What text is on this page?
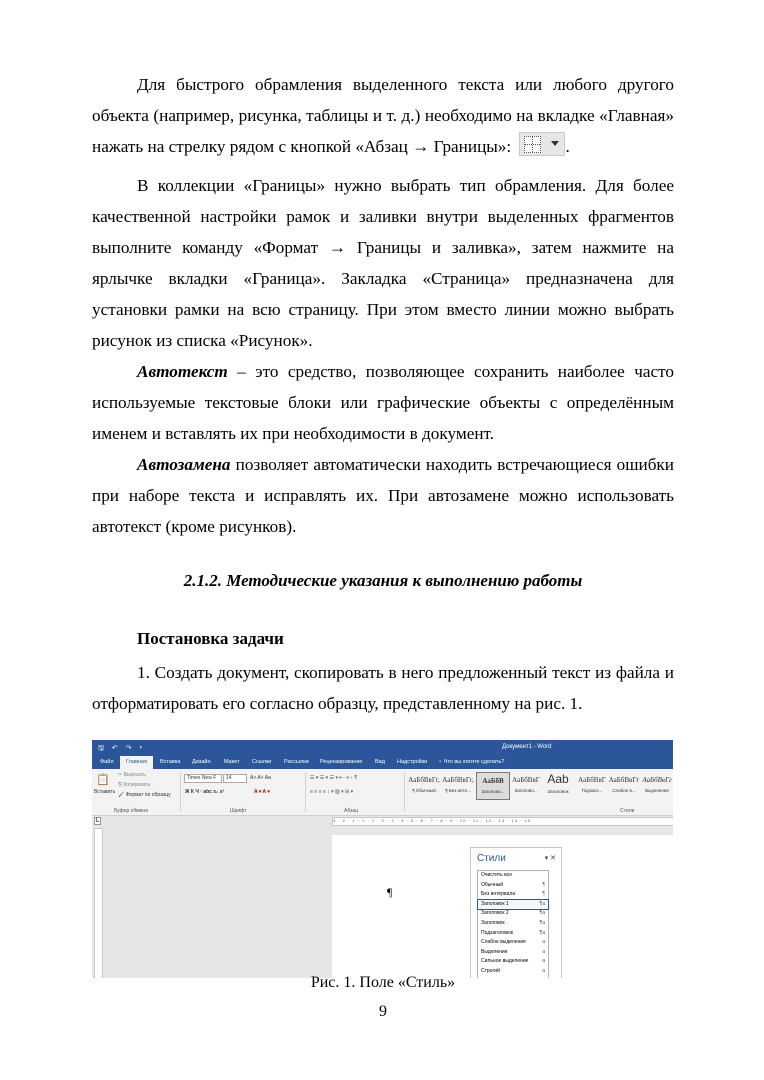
Для быстрого обрамления выделенного текста или любого другого объекта (например, рисунка, таблицы и т. д.) необходимо на вкладке «Главная» нажать на стрелку рядом с кнопкой «Абзац → Границы»:	.

В коллекции «Границы» нужно выбрать тип обрамления. Для более качественной настройки рамок и заливки внутри выделенных фрагментов выполните команду «Формат → Границы и заливка», затем нажмите на ярлычке вкладки «Граница». Закладка «Страница» предназначена для установки рамки на всю страницу. При этом вместо линии можно выбрать рисунок из списка «Рисунок».

Автотекст – это средство, позволяющее сохранить наиболее часто используемые текстовые блоки или графические объекты с определённым именем и вставлять их при необходимости в документ.

Автозамена позволяет автоматически находить встречающиеся ошибки при наборе текста и исправлять их. При автозамене можно использовать автотекст (кроме рисунков).

2.1.2. Методические указания к выполнению работы
Постановка задачи

1. Создать документ, скопировать в него предложенный текст из файла и отформатировать его согласно образцу, представленному на рис. 1.

🖫 ↶ ↷ ▾	Документ1 - Word
Файл	Главная	Вставка Дизайн Макет Ссылки Рассылки Рецензирование Вид Надстройки ♀ Что вы хотите сделать?
📋
Вставить
✂ Вырезать
⎘ Копировать
🖌 Формат по образцу
Буфер обмена
Times New F	14	A˄ A˅ Aa
Ж К Ч · abc x₂ x²	A ▾ A ▾
Шрифт
☰ ▾ ☰ ▾ ☰ ▾ ⇤ ⇥ ↕ ¶
≡ ≡ ≡ ≡ ↕ ▾ ▨ ▾ ⊞ ▾
Абзац
АаБбВвГг,
¶ Обычный
АаБбВвГг,
¶ Без инте...
АаБбВ
Заголово...
АаБбВвГ
Заголово...
Aab
Заголовок
АаБбВвГ
Подзаго...
АаБбВвГг
Слабое в...
АаБбВвГг
Выделение
Стили
L	3 · 2 · 1 · ▿ · 1 · 2 · 3 · 4 · 5 · 6 · 7 · 8 · 9 · 10 · 11 · 12 · 13 · 14 · 15
¶
Стили	▾ ✕
Очистить все
Обычный	¶
Без интервала	¶
Заголовок 1	¶a
Заголовок 2	¶a
Заголовок	¶a
Подзаголовок	¶a
Слабое выделение	a
Выделение	a
Сильное выделение	a
Строгий	a
Рис. 1. Поле «Стиль»
9
